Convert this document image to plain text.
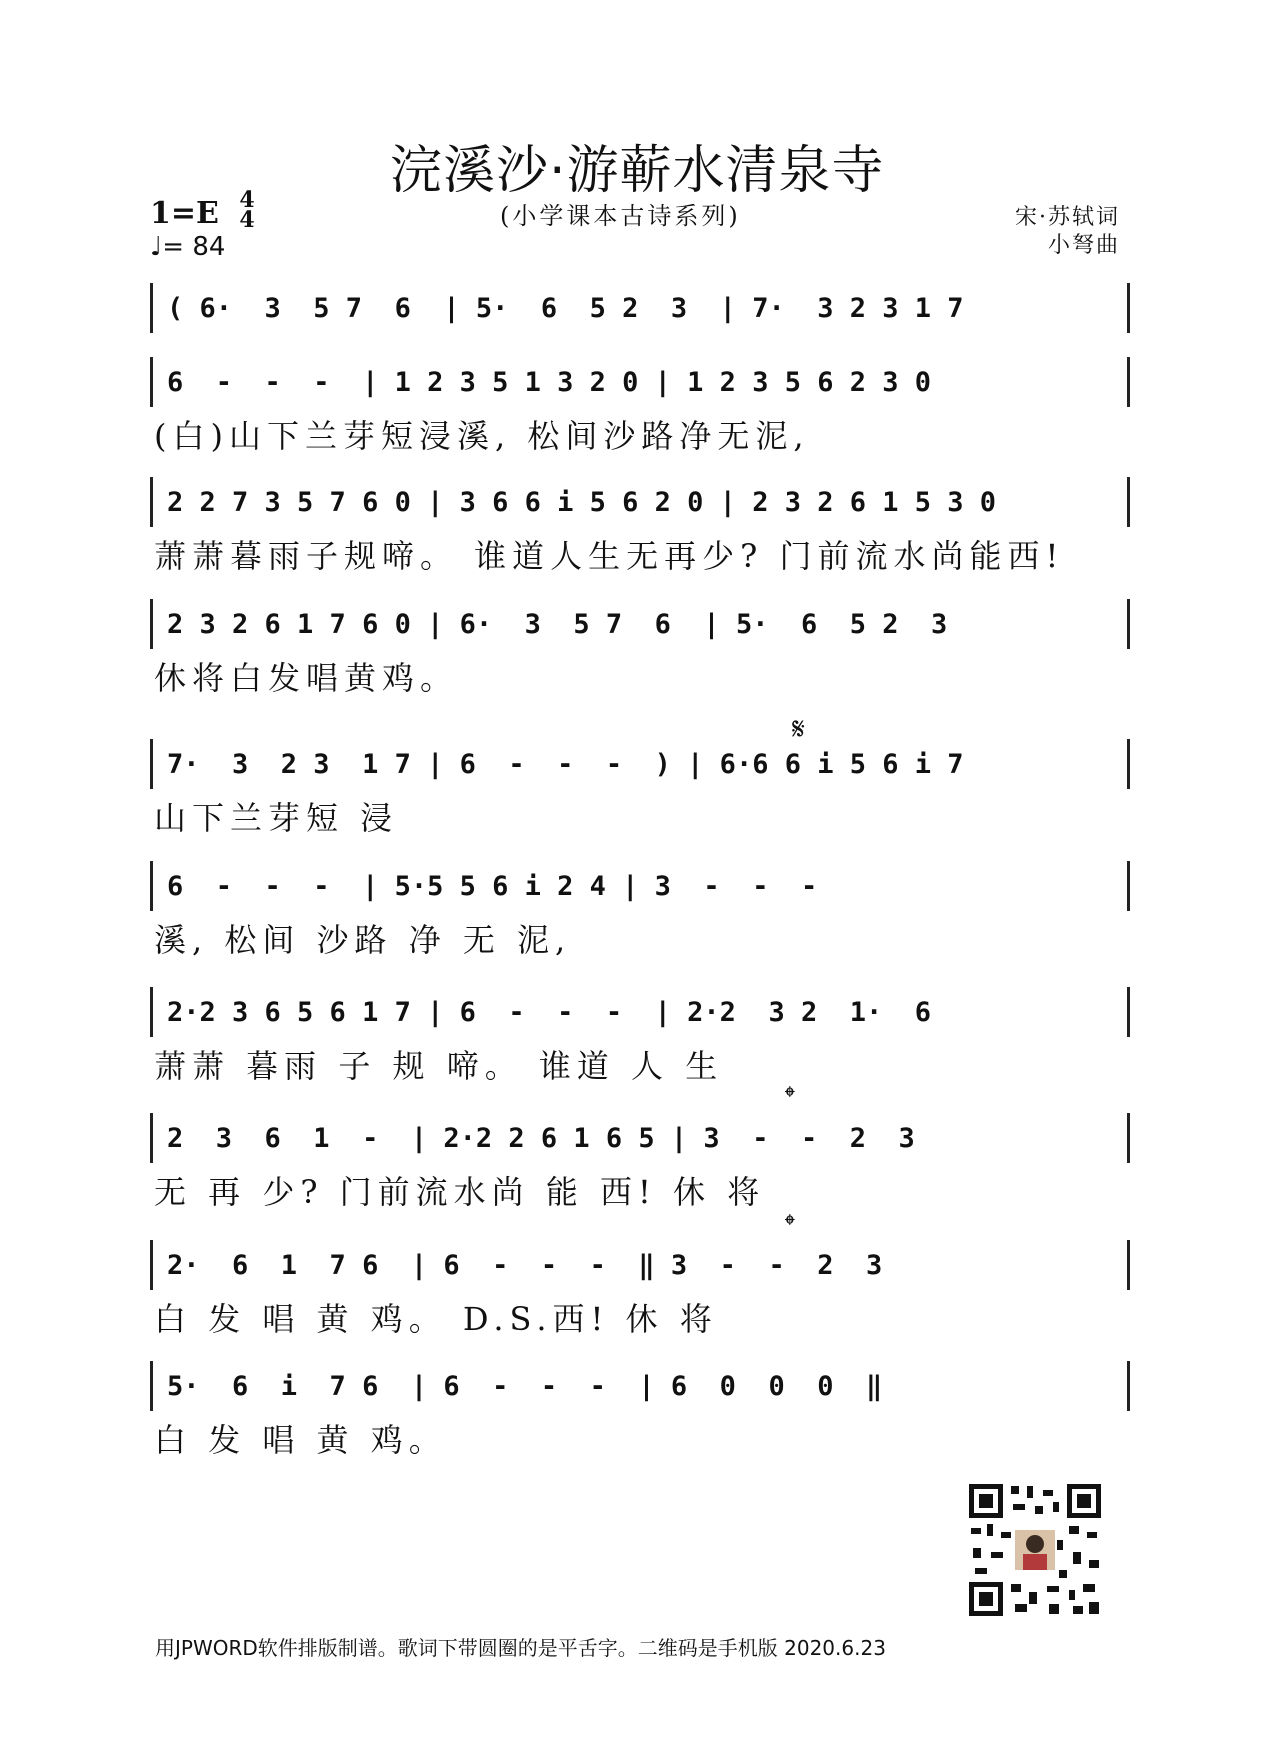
浣溪沙·游蕲水清泉寺
(小学课本古诗系列)	宋·苏轼词
小弩曲
1=E 4
4
♩= 84
( 6·  3  5 7  6  | 5·  6  5 2  3  | 7·  3 2 3 1 7
6  -  -  -  | 1 2 3 5 1 3 2 0 | 1 2 3 5 6 2 3 0
(白)山下兰芽短浸溪, 松间沙路净无泥,
2 2 7 3 5 7 6 0 | 3 6 6 i 5 6 2 0 | 2 3 2 6 1 5 3 0
萧萧暮雨子规啼。 谁道人生无再少? 门前流水尚能西!
2 3 2 6 1 7 6 0 | 6·  3  5 7  6  | 5·  6  5 2  3
休将白发唱黄鸡。
𝄋
7·  3  2 3  1 7 | 6  -  -  -  ) | 6·6 6 i 5 6 i 7
山下兰芽短 浸
6  -  -  -  | 5·5 5 6 i 2 4 | 3  -  -  -
溪, 松间 沙路 净 无 泥,
2·2 3 6 5 6 1 7 | 6  -  -  -  | 2·2  3 2  1·  6
萧萧 暮雨 子 规 啼。 谁道 人 生
𝄌
2  3  6  1  -  | 2·2 2 6 1 6 5 | 3  -  -  2  3
无 再 少? 门前流水尚 能 西! 休 将
𝄌
2·  6  1  7 6  | 6  -  -  -  ‖ 3  -  -  2  3
白 发 唱 黄 鸡。 D.S.西! 休 将
5·  6  i  7 6  | 6  -  -  -  | 6  0  0  0  ‖
白 发 唱 黄 鸡。
用JPWORD软件排版制谱。歌词下带圆圈的是平舌字。二维码是手机版 2020.6.23
